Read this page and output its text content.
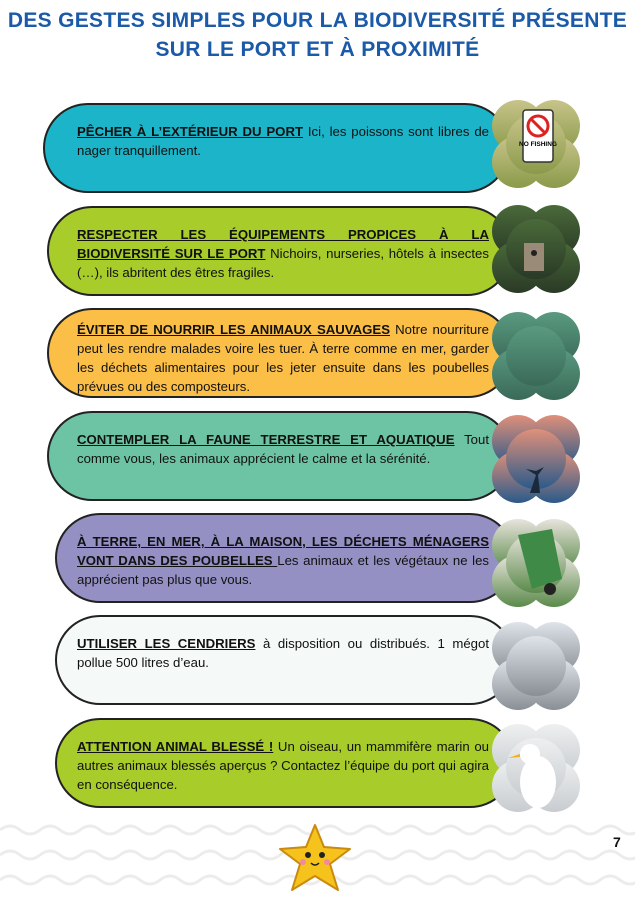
DES GESTES SIMPLES POUR LA BIODIVERSITÉ PRÉSENTE
SUR LE PORT ET À PROXIMITÉ
PÊCHER À L’EXTÉRIEUR DU PORT Ici, les poissons sont libres de nager tranquillement.	NO FISHING
RESPECTER LES ÉQUIPEMENTS PROPICES À LA BIODIVERSITÉ SUR LE PORT Nichoirs, nurseries, hôtels à insectes (…), ils abritent des êtres fragiles.
ÉVITER DE NOURRIR LES ANIMAUX SAUVAGES Notre nourriture peut les rendre malades voire les tuer. À terre comme en mer, garder les déchets alimentaires pour les jeter ensuite dans les poubelles prévues ou des composteurs.
CONTEMPLER LA FAUNE TERRESTRE ET AQUATIQUE Tout comme vous, les animaux apprécient le calme et la sérénité.
À TERRE, EN MER, À LA MAISON, LES DÉCHETS MÉNAGERS VONT DANS DES POUBELLES Les animaux et les végétaux ne les apprécient pas plus que vous.
UTILISER LES CENDRIERS à disposition ou distribués. 1 mégot pollue 500 litres d’eau.
ATTENTION ANIMAL BLESSÉ ! Un oiseau, un mammifère marin ou autres animaux blessés aperçus ? Contactez l’équipe du port qui agira en conséquence.
7
